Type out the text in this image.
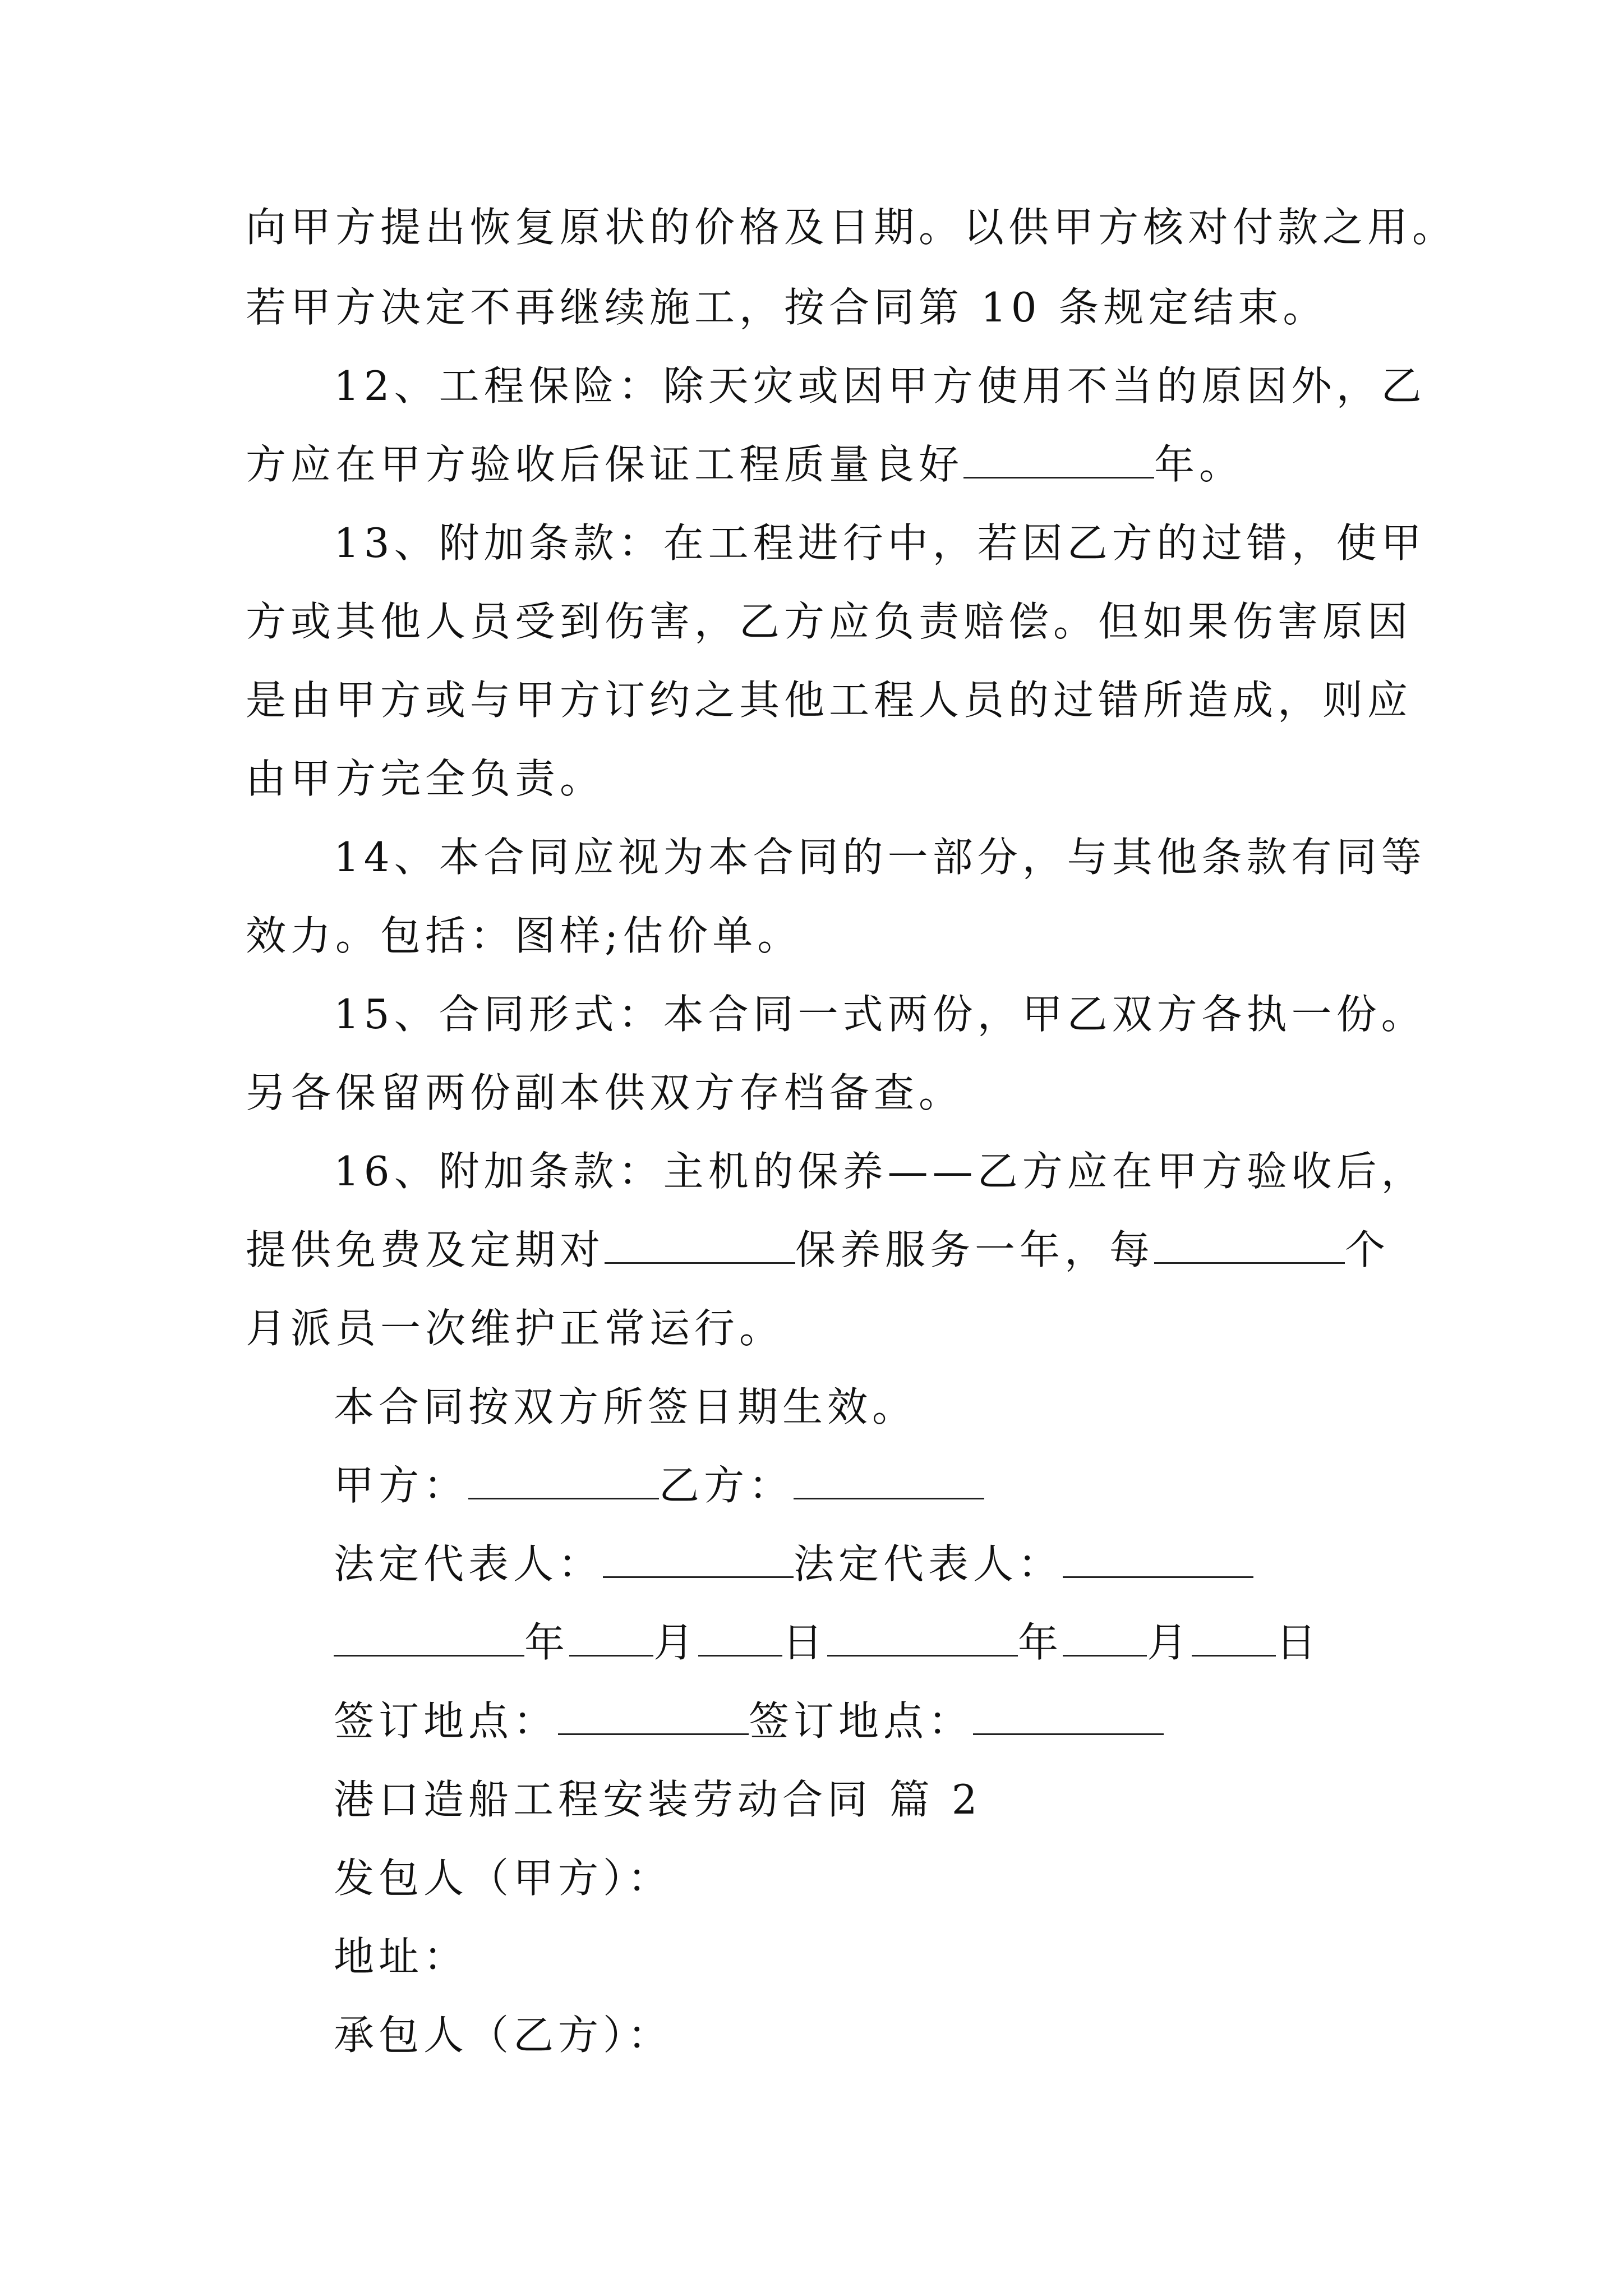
向甲方提出恢复原状的价格及日期。以供甲方核对付款之用。
若甲方决定不再继续施工，按合同第 10 条规定结束。
12、工程保险：除天灾或因甲方使用不当的原因外，乙
方应在甲方验收后保证工程质量良好	年。
13、附加条款：在工程进行中，若因乙方的过错，使甲
方或其他人员受到伤害，乙方应负责赔偿。但如果伤害原因
是由甲方或与甲方订约之其他工程人员的过错所造成，则应
由甲方完全负责。
14、本合同应视为本合同的一部分，与其他条款有同等
效力。包括：图样;估价单。
15、合同形式：本合同一式两份，甲乙双方各执一份。
另各保留两份副本供双方存档备查。
16、附加条款：主机的保养——乙方应在甲方验收后，
提供免费及定期对	保养服务一年，每	个
月派员一次维护正常运行。
本合同按双方所签日期生效。
甲方：	乙方：
法定代表人：	法定代表人：
年 月 日	年 月 日
签订地点：	签订地点：
港口造船工程安装劳动合同 篇 2
发包人（甲方）：
地址：
承包人（乙方）：
